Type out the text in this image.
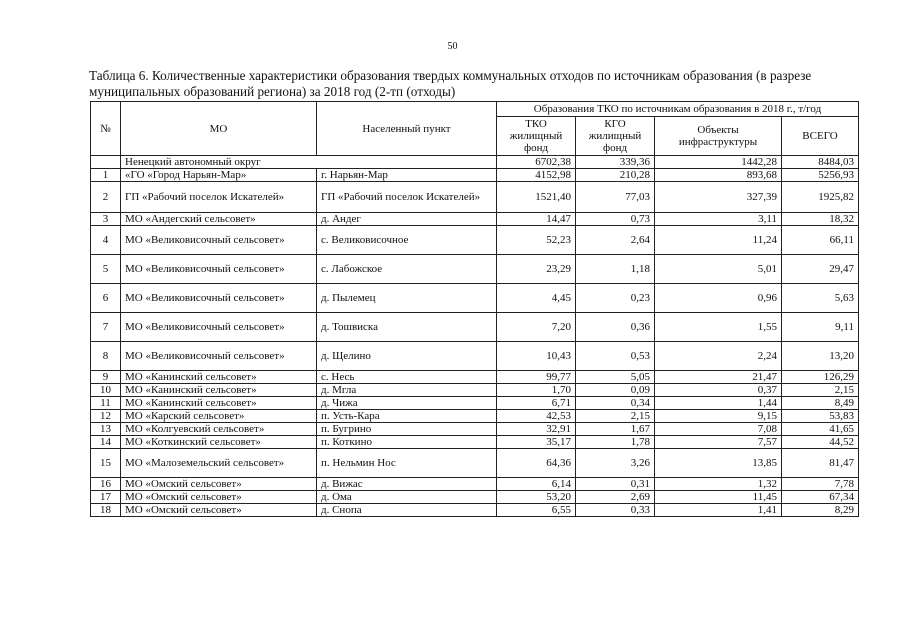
50
Таблица 6. Количественные характеристики образования твердых коммунальных отходов по источникам образования (в разрезе муниципальных образований региона) за 2018 год (2-тп (отходы)
№	МО	Населенный пункт	Образования ТКО по источникам образования в 2018 г., т/год			
			ТКО жилищный фонд	КГО жилищный фонд	Объекты инфраструктуры	ВСЕГО
	Ненецкий автономный округ		6702,38	339,36	1442,28	8484,03
1	«ГО «Город Нарьян-Мар»	г. Нарьян-Мар	4152,98	210,28	893,68	5256,93
2	ГП «Рабочий поселок Искателей»	ГП «Рабочий поселок Искателей»	1521,40	77,03	327,39	1925,82
3	МО «Андегский сельсовет»	д. Андег	14,47	0,73	3,11	18,32
4	МО «Великовисочный сельсовет»	с. Великовисочное	52,23	2,64	11,24	66,11
5	МО «Великовисочный сельсовет»	с. Лабожское	23,29	1,18	5,01	29,47
6	МО «Великовисочный сельсовет»	д. Пылемец	4,45	0,23	0,96	5,63
7	МО «Великовисочный сельсовет»	д. Тошвиска	7,20	0,36	1,55	9,11
8	МО «Великовисочный сельсовет»	д. Щелино	10,43	0,53	2,24	13,20
9	МО «Канинский сельсовет»	с. Несь	99,77	5,05	21,47	126,29
10	МО «Канинский сельсовет»	д. Мгла	1,70	0,09	0,37	2,15
11	МО «Канинский сельсовет»	д. Чижа	6,71	0,34	1,44	8,49
12	МО «Карский сельсовет»	п. Усть-Кара	42,53	2,15	9,15	53,83
13	МО «Колгуевский сельсовет»	п. Бугрино	32,91	1,67	7,08	41,65
14	МО «Коткинский сельсовет»	п. Коткино	35,17	1,78	7,57	44,52
15	МО «Малоземельский сельсовет»	п. Нельмин Нос	64,36	3,26	13,85	81,47
16	МО «Омский сельсовет»	д. Вижас	6,14	0,31	1,32	7,78
17	МО «Омский сельсовет»	д. Ома	53,20	2,69	11,45	67,34
18	МО «Омский сельсовет»	д. Снопа	6,55	0,33	1,41	8,29
